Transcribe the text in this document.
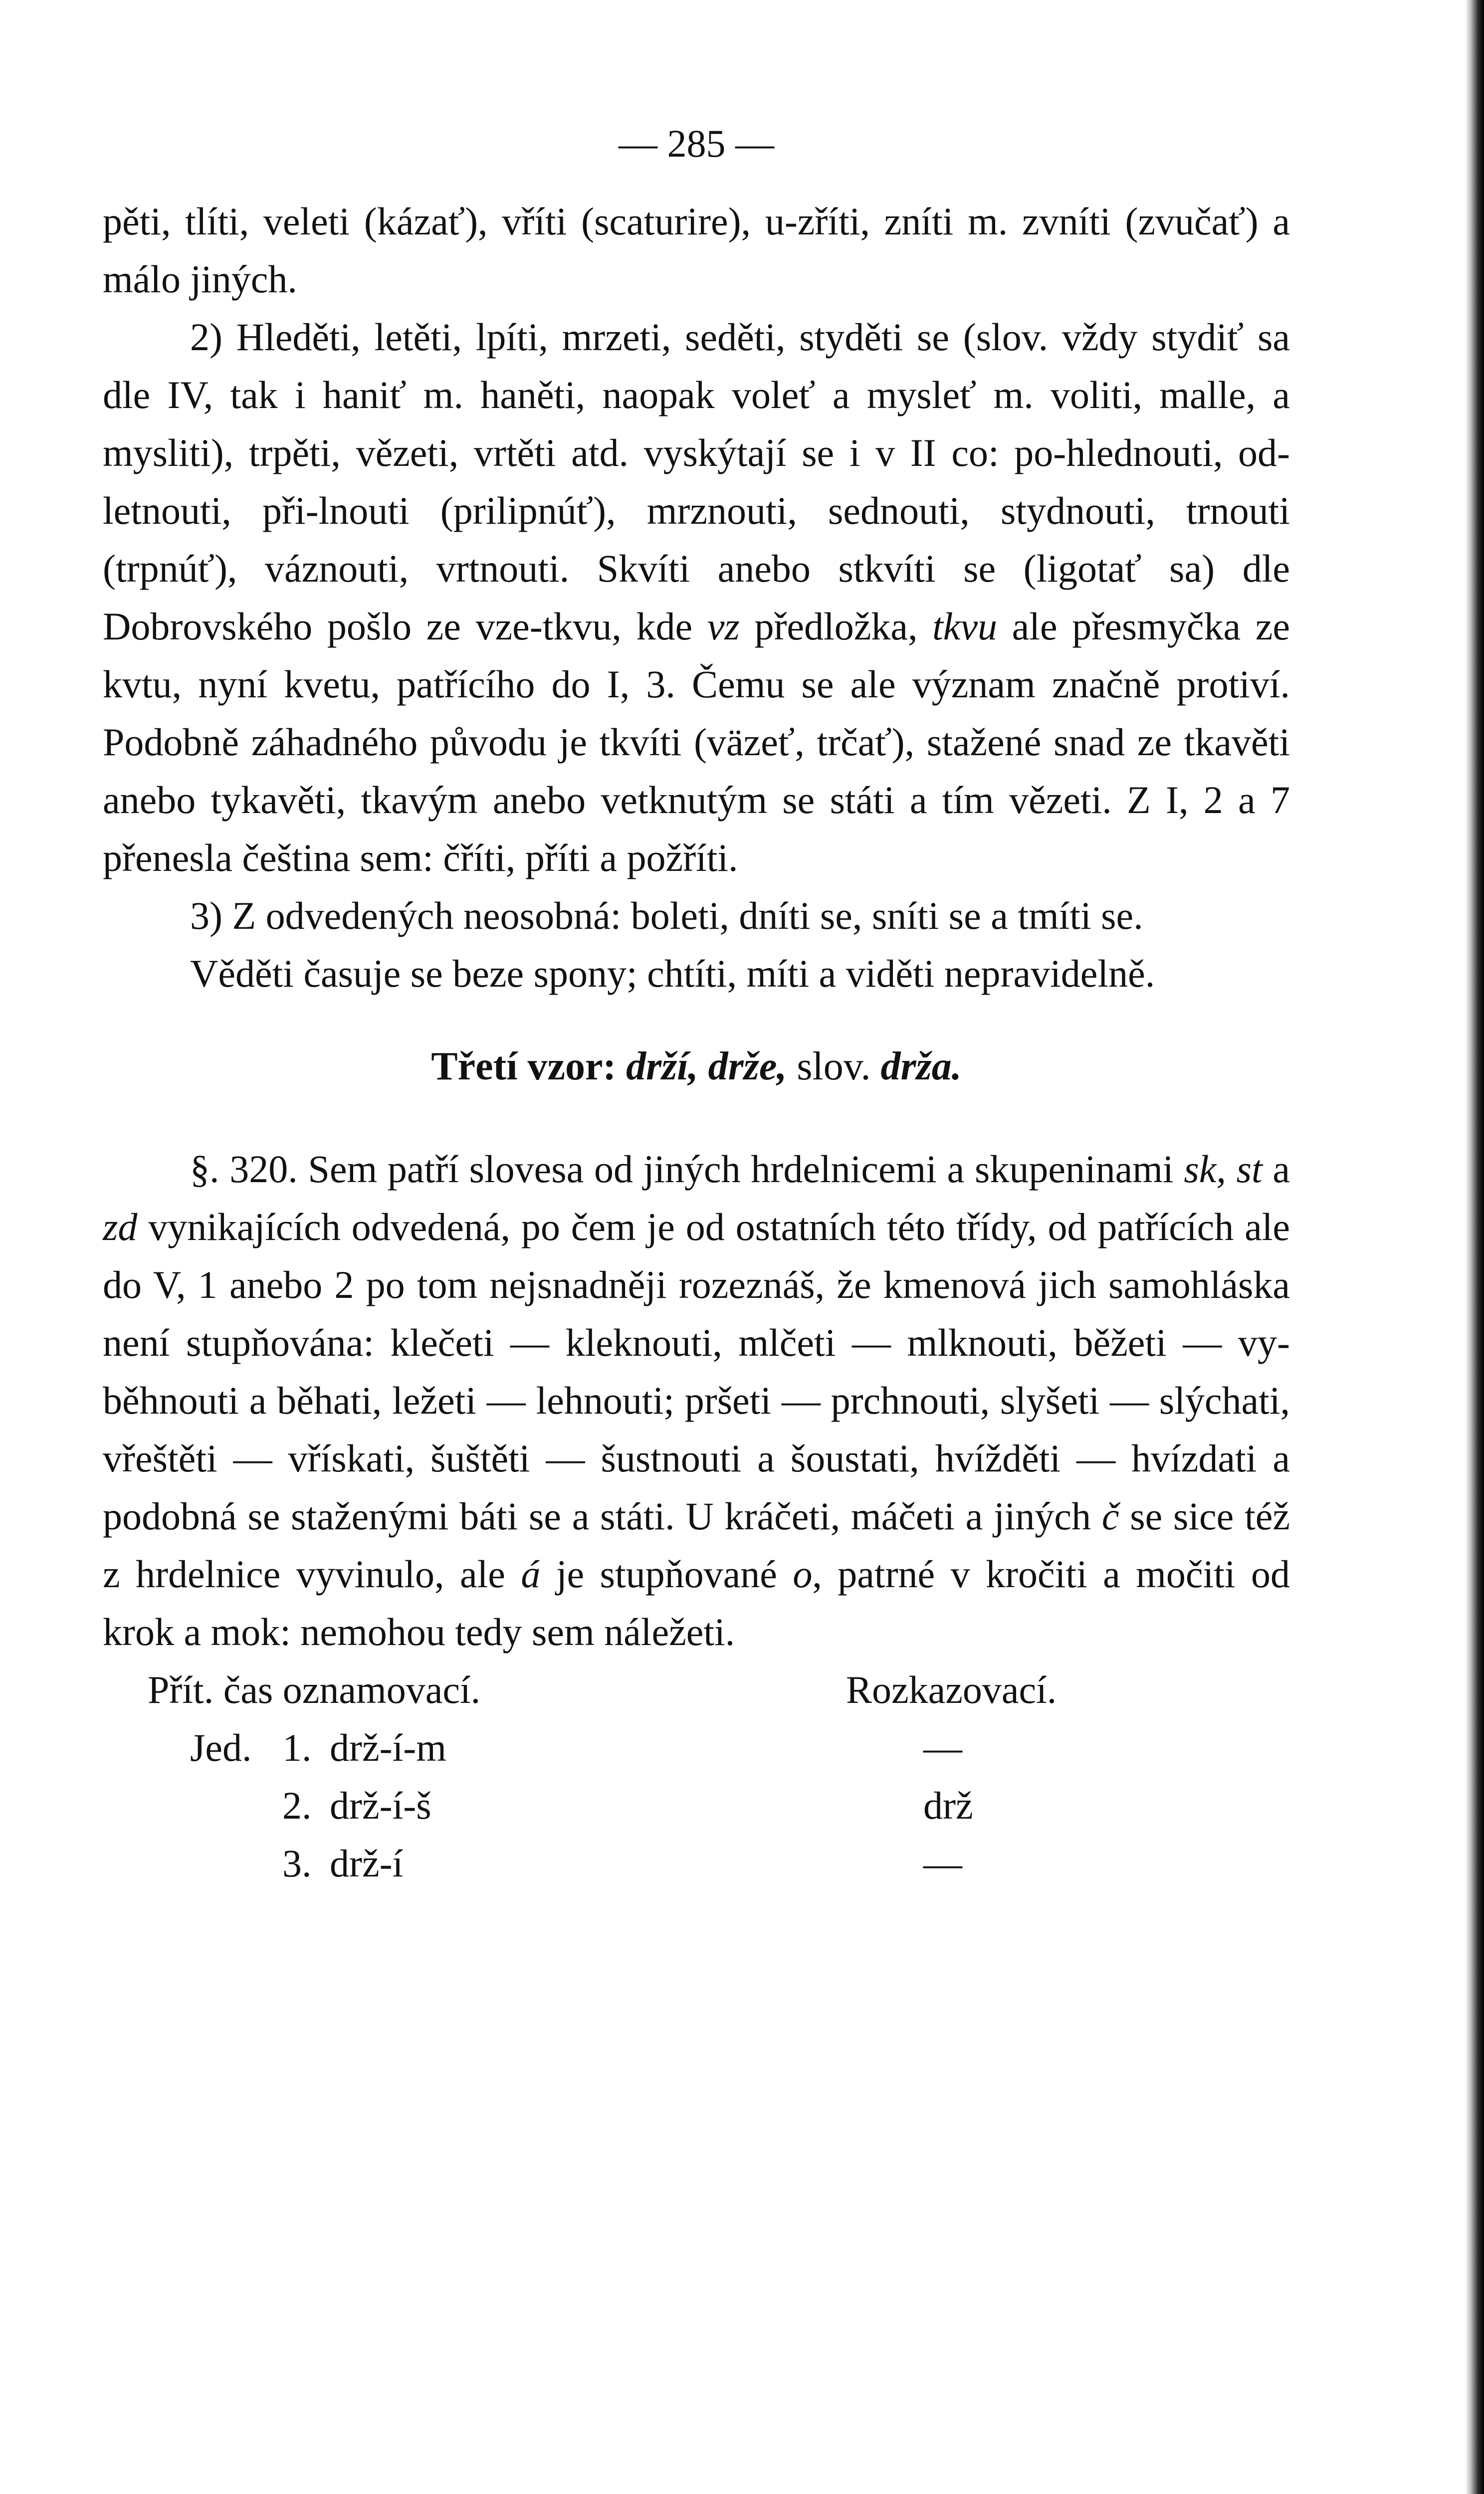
— 285 —

pěti, tlíti, veleti (kázať), vříti (scaturire), u-zříti, zníti m. zvníti (zvučať) a málo jiných.

2) Hleděti, letěti, lpíti, mrzeti, seděti, styděti se (slov. vždy stydiť sa dle IV, tak i haniť m. haněti, naopak voleť a mysleť m. voliti, malle, a mysliti), trpěti, vězeti, vrtěti atd. vyskýtají se i v II co: po-hlednouti, od-letnouti, při-lnouti (prilipnúť), mrznouti, sednouti, stydnouti, trnouti (trpnúť), váznouti, vrtnouti. Skvíti anebo stkvíti se (ligotať sa) dle Dobrovského pošlo ze vze-tkvu, kde vz předložka, tkvu ale přesmyčka ze kvtu, nyní kvetu, patřícího do I, 3. Čemu se ale význam značně protiví. Podobně záhadného původu je tkvíti (väzeť, trčať), stažené snad ze tkavěti anebo tykavěti, tkavým anebo vetknutým se státi a tím vězeti. Z I, 2 a 7 přenesla čeština sem: čříti, příti a požříti.

3) Z odvedených neosobná: boleti, dníti se, sníti se a tmíti se.

Věděti časuje se beze spony; chtíti, míti a viděti nepravidelně.

Třetí vzor: drží, drže, slov. drža.

§. 320. Sem patří slovesa od jiných hrdelnicemi a skupeninami sk, st a zd vynikajících odvedená, po čem je od ostatních této třídy, od patřících ale do V, 1 anebo 2 po tom nejsnadněji rozeznáš, že kmenová jich samohláska není stupňována: klečeti — kleknouti, mlčeti — mlknouti, běžeti — vy-běhnouti a běhati, ležeti — lehnouti; pršeti — prchnouti, slyšeti — slýchati, vřeštěti — vřískati, šuštěti — šustnouti a šoustati, hvížděti — hvízdati a podobná se staženými báti se a státi. U kráčeti, máčeti a jiných č se sice též z hrdelnice vyvinulo, ale á je stupňované o, patrné v kročiti a močiti od krok a mok: nemohou tedy sem náležeti.

Přít. čas oznamovací.	Rozkazovací.
Jed. 1. drž-í-m	—
2. drž-í-š	drž
3. drž-í	—
